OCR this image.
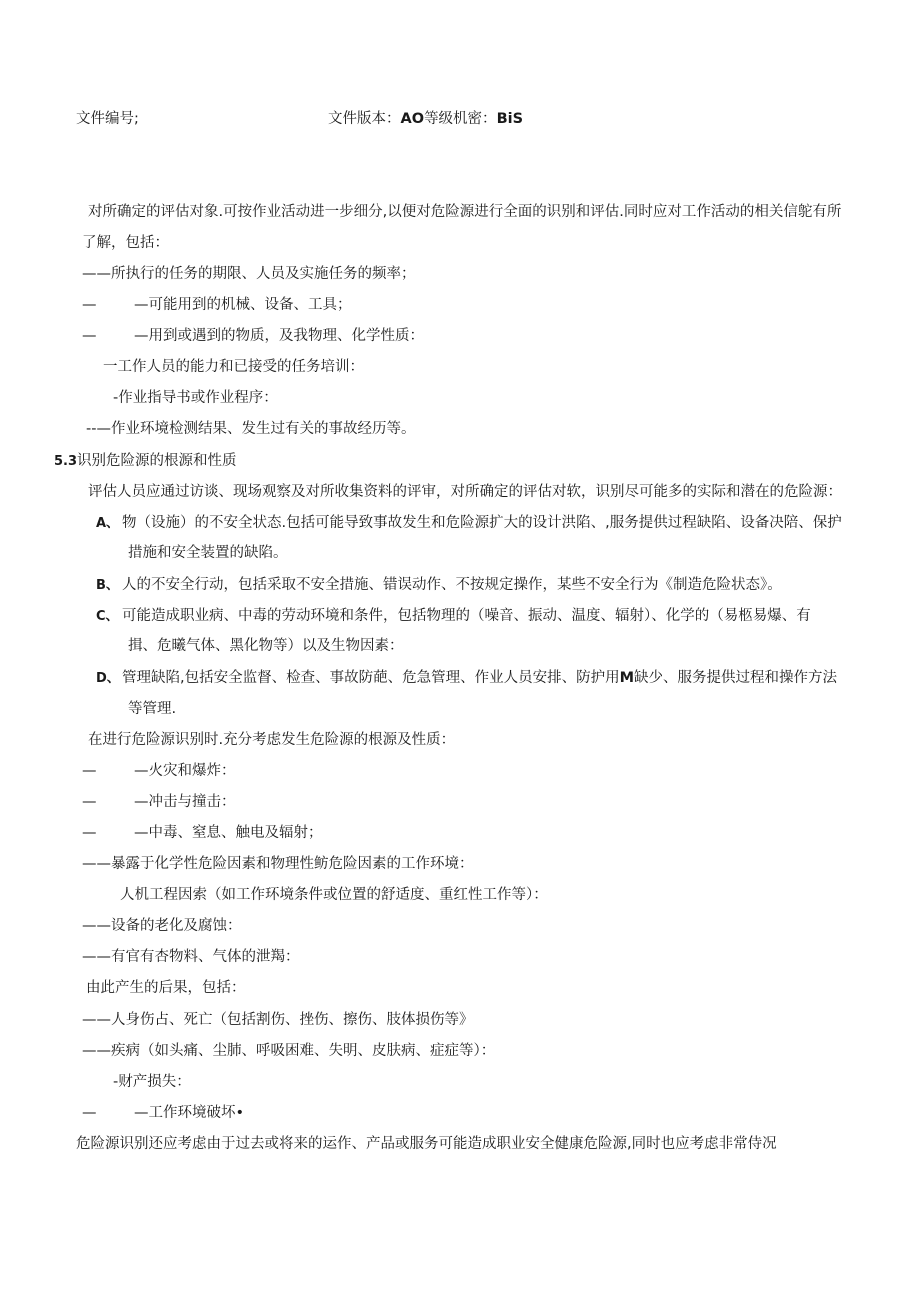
文件编号;	文件版本：AO等级机密：BiS
对所确定的评估对象.可按作业活动进一步细分,以便对危险源进行全面的识别和评估.同时应对工作活动的相关信鸵有所
了解，包括：
——所执行的任务的期限、人员及实施任务的频率；
—	—可能用到的机械、设备、工具；
—	—用到或遇到的物质，及我物理、化学性质：
一工作人员的能力和已接受的任务培训：
-作业指导书或作业程序：
--—作业环境检测结果、发生过有关的事故经历等。
5.3识别危险源的根源和性质
评估人员应通过访谈、现场观察及对所收集资料的评审，对所确定的评估对软，识别尽可能多的实际和潜在的危险源：
A、 物（设施）的不安全状态.包括可能导致事故发生和危险源扩大的设计洪陷、,服务提供过程缺陷、设备决陪、保护
措施和安全装置的缺陷。
B、 人的不安全行动，包括采取不安全措施、错误动作、不按规定操作，某些不安全行为《制造危险状态》。
C、 可能造成职业病、中毒的劳动环境和条件，包括物理的（噪音、振动、温度、辐射）、化学的（易柩易爆、有
揖、危曦气体、黑化物等）以及生物因素：
D、 管理缺陷,包括安全监督、检查、事故防葩、危急管理、作业人员安排、防护用M缺少、服务提供过程和操作方法
等管理.
在进行危险源识别时.充分考虑发生危险源的根源及性质：
—	—火灾和爆炸：
—	—冲击与撞击：
—	—中毒、窒息、触电及辐射；
——暴露于化学性危险因素和物理性鲂危险因素的工作环境：
人机工程因索（如工作环境条件或位置的舒适度、重红性工作等）：
——设备的老化及腐蚀：
——有官有杏物料、气体的泄羯：
由此产生的后果，包括：
——人身伤占、死亡（包括割伤、挫伤、擦伤、肢体损伤等》
——疾病（如头痛、尘肺、呼吸困难、失明、皮肤病、症症等）：
-财产损失：
—	—工作环境破坏•
危险源识别还应考虑由于过去或将来的运作、产品或服务可能造成职业安全健康危险源,同时也应考虑非常侍况
